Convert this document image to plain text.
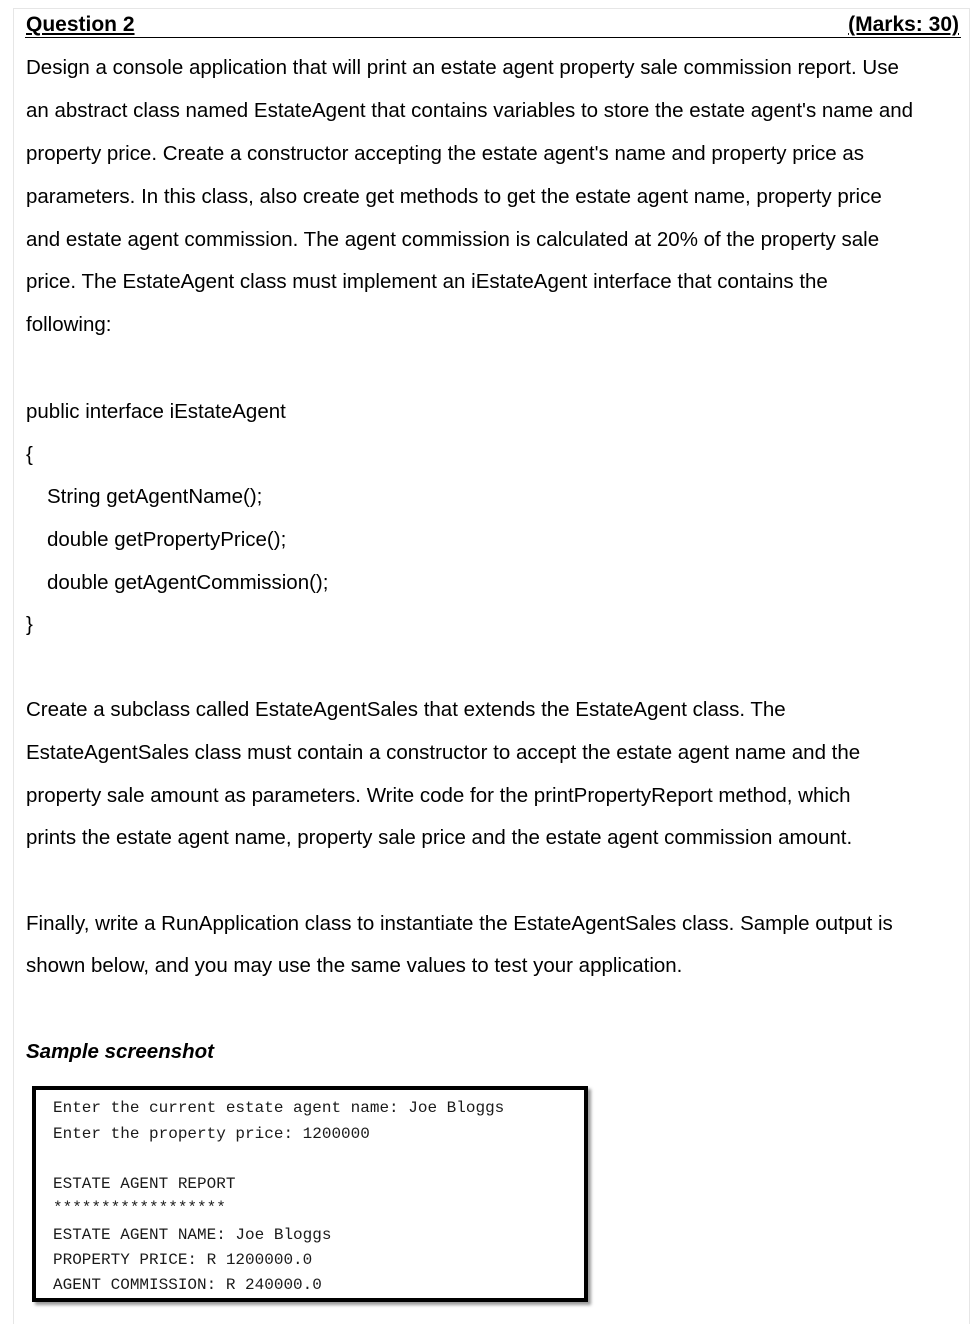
Question 2	(Marks: 30)

Design a console application that will print an estate agent property sale commission report. Use

an abstract class named EstateAgent that contains variables to store the estate agent's name and

property price. Create a constructor accepting the estate agent's name and property price as

parameters. In this class, also create get methods to get the estate agent name, property price

and estate agent commission. The agent commission is calculated at 20% of the property sale

price. The EstateAgent class must implement an iEstateAgent interface that contains the

following:

public interface iEstateAgent
{
String getAgentName();
double getPropertyPrice();
double getAgentCommission();
}

Create a subclass called EstateAgentSales that extends the EstateAgent class. The

EstateAgentSales class must contain a constructor to accept the estate agent name and the

property sale amount as parameters. Write code for the printPropertyReport method, which

prints the estate agent name, property sale price and the estate agent commission amount.

Finally, write a RunApplication class to instantiate the EstateAgentSales class. Sample output is

shown below, and you may use the same values to test your application.

Sample screenshot
Enter the current estate agent name: Joe Bloggs
Enter the property price: 1200000
ESTATE AGENT REPORT
******************
ESTATE AGENT NAME: Joe Bloggs
PROPERTY PRICE: R 1200000.0
AGENT COMMISSION: R 240000.0
